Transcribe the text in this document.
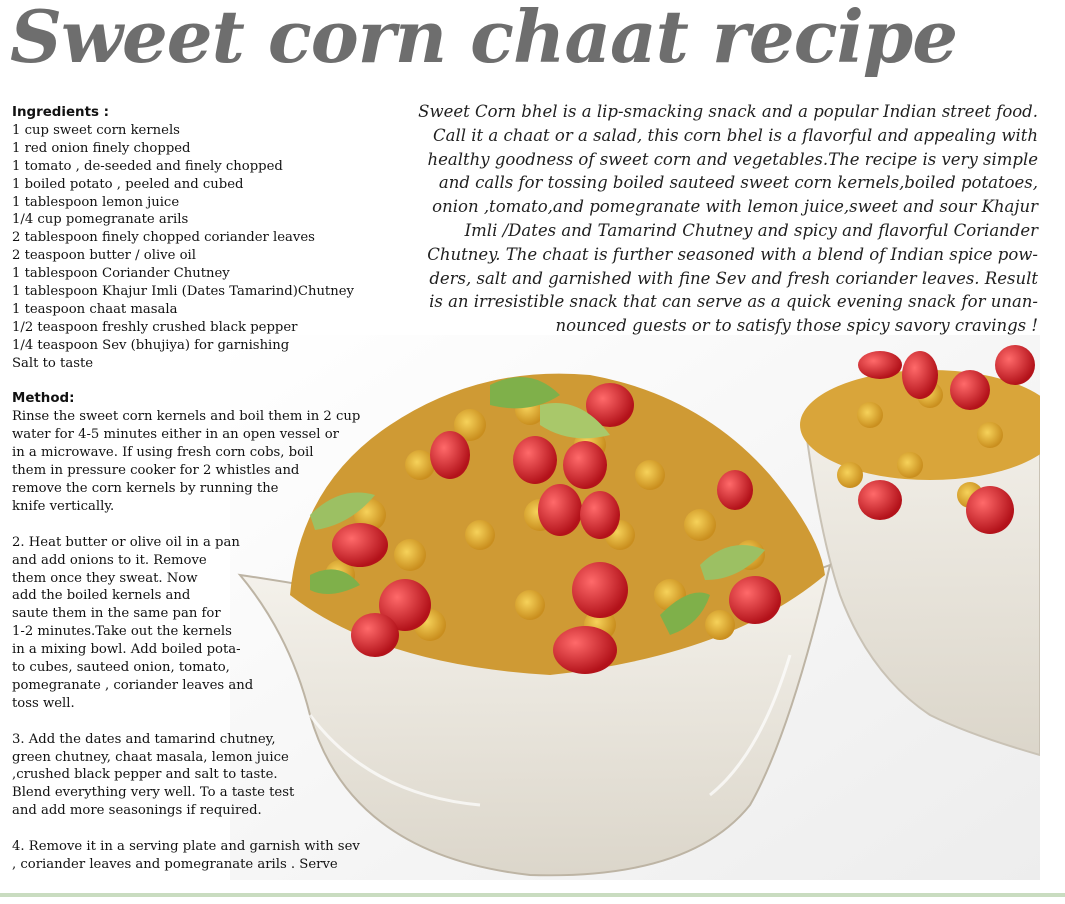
Sweet corn chaat recipe
Sweet Corn bhel is a lip-smacking snack and a popular Indian street food.
Call it a chaat or a salad, this corn bhel is a flavorful and appealing with
healthy goodness of sweet corn and vegetables.The recipe is very simple
and calls for tossing boiled sauteed sweet corn kernels,boiled potatoes,
onion ,tomato,and pomegranate with lemon juice,sweet and sour Khajur
Imli /Dates and Tamarind Chutney and spicy and flavorful Coriander
Chutney. The chaat is further seasoned with a blend of Indian spice pow-
ders, salt and garnished with fine Sev and fresh coriander leaves. Result
is an irresistible snack that can serve as a quick evening snack for unan-
nounced guests or to satisfy those spicy savory cravings !
Ingredients :
1 cup sweet corn kernels
1 red onion finely chopped
1 tomato , de-seeded and finely chopped
1 boiled potato , peeled and cubed
1 tablespoon lemon juice
1/4 cup pomegranate arils
2 tablespoon finely chopped coriander leaves
2 teaspoon butter / olive oil
1 tablespoon Coriander Chutney
1 tablespoon Khajur Imli (Dates Tamarind)Chutney
1 teaspoon chaat masala
1/2 teaspoon freshly crushed black pepper
1/4 teaspoon Sev (bhujiya) for garnishing
Salt to taste
Method:
Rinse the sweet corn kernels and boil them in 2 cup
water for 4-5 minutes either in an open vessel or
in a microwave. If using fresh corn cobs, boil
them in pressure cooker for 2 whistles and
remove the corn kernels by running the
knife vertically.
2. Heat butter or olive oil in a pan
and add onions to it. Remove
them once they sweat. Now
add the boiled kernels and
saute them in the same pan for
1-2 minutes.Take out the kernels
in a mixing bowl. Add boiled pota-
to cubes, sauteed onion, tomato,
pomegranate , coriander leaves and
toss well.
3. Add the dates and tamarind chutney,
green chutney, chaat masala, lemon juice
,crushed black pepper and salt to taste.
Blend everything very well. To a taste test
and add more seasonings if required.
4. Remove it in a serving plate and garnish with sev
, coriander leaves and pomegranate arils . Serve
